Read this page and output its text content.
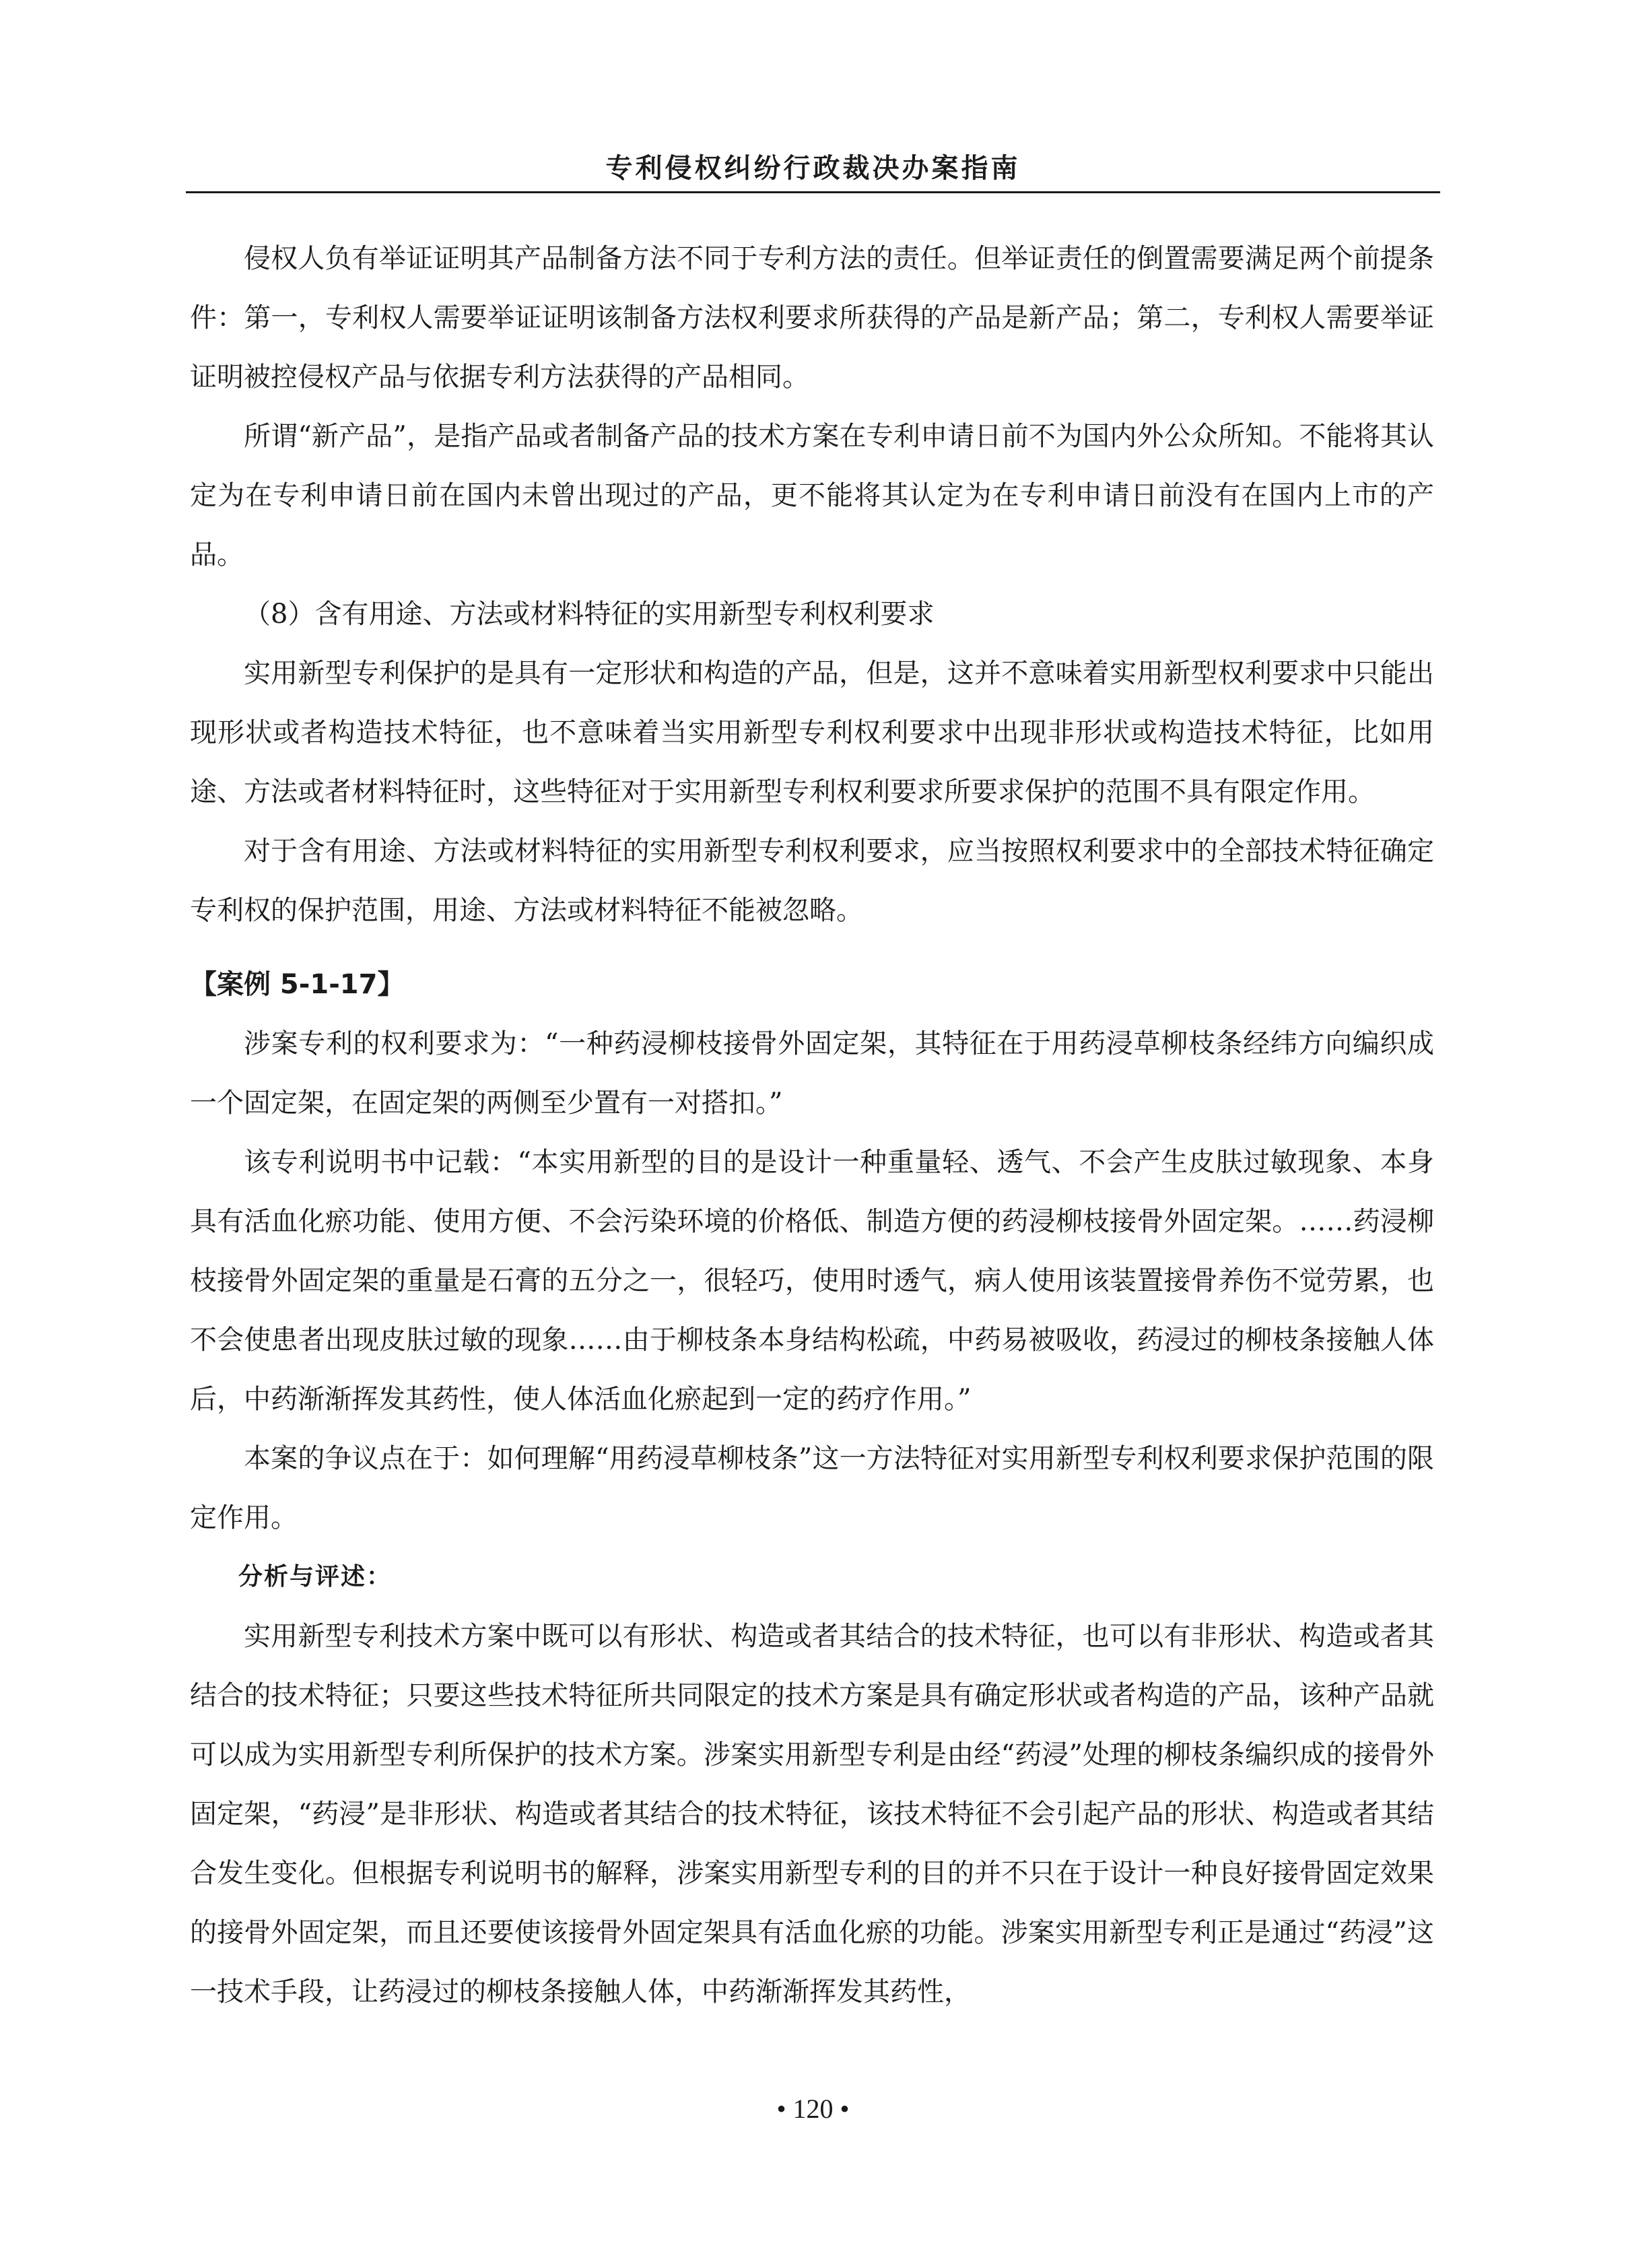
专利侵权纠纷行政裁决办案指南

侵权人负有举证证明其产品制备方法不同于专利方法的责任。但举证责任的倒置需要满足两个前提条件：第一，专利权人需要举证证明该制备方法权利要求所获得的产品是新产品；第二，专利权人需要举证证明被控侵权产品与依据专利方法获得的产品相同。

所谓“新产品”，是指产品或者制备产品的技术方案在专利申请日前不为国内外公众所知。不能将其认定为在专利申请日前在国内未曾出现过的产品，更不能将其认定为在专利申请日前没有在国内上市的产品。

（8）含有用途、方法或材料特征的实用新型专利权利要求

实用新型专利保护的是具有一定形状和构造的产品，但是，这并不意味着实用新型权利要求中只能出现形状或者构造技术特征，也不意味着当实用新型专利权利要求中出现非形状或构造技术特征，比如用途、方法或者材料特征时，这些特征对于实用新型专利权利要求所要求保护的范围不具有限定作用。

对于含有用途、方法或材料特征的实用新型专利权利要求，应当按照权利要求中的全部技术特征确定专利权的保护范围，用途、方法或材料特征不能被忽略。

【案例 5-1-17】

涉案专利的权利要求为：“一种药浸柳枝接骨外固定架，其特征在于用药浸草柳枝条经纬方向编织成一个固定架，在固定架的两侧至少置有一对搭扣。”

该专利说明书中记载：“本实用新型的目的是设计一种重量轻、透气、不会产生皮肤过敏现象、本身具有活血化瘀功能、使用方便、不会污染环境的价格低、制造方便的药浸柳枝接骨外固定架。……药浸柳枝接骨外固定架的重量是石膏的五分之一，很轻巧，使用时透气，病人使用该装置接骨养伤不觉劳累，也不会使患者出现皮肤过敏的现象……由于柳枝条本身结构松疏，中药易被吸收，药浸过的柳枝条接触人体后，中药渐渐挥发其药性，使人体活血化瘀起到一定的药疗作用。”

本案的争议点在于：如何理解“用药浸草柳枝条”这一方法特征对实用新型专利权利要求保护范围的限定作用。

分析与评述：

实用新型专利技术方案中既可以有形状、构造或者其结合的技术特征，也可以有非形状、构造或者其结合的技术特征；只要这些技术特征所共同限定的技术方案是具有确定形状或者构造的产品，该种产品就可以成为实用新型专利所保护的技术方案。涉案实用新型专利是由经“药浸”处理的柳枝条编织成的接骨外固定架，“药浸”是非形状、构造或者其结合的技术特征，该技术特征不会引起产品的形状、构造或者其结合发生变化。但根据专利说明书的解释，涉案实用新型专利的目的并不只在于设计一种良好接骨固定效果的接骨外固定架，而且还要使该接骨外固定架具有活血化瘀的功能。涉案实用新型专利正是通过“药浸”这一技术手段，让药浸过的柳枝条接触人体，中药渐渐挥发其药性，

• 120 •
